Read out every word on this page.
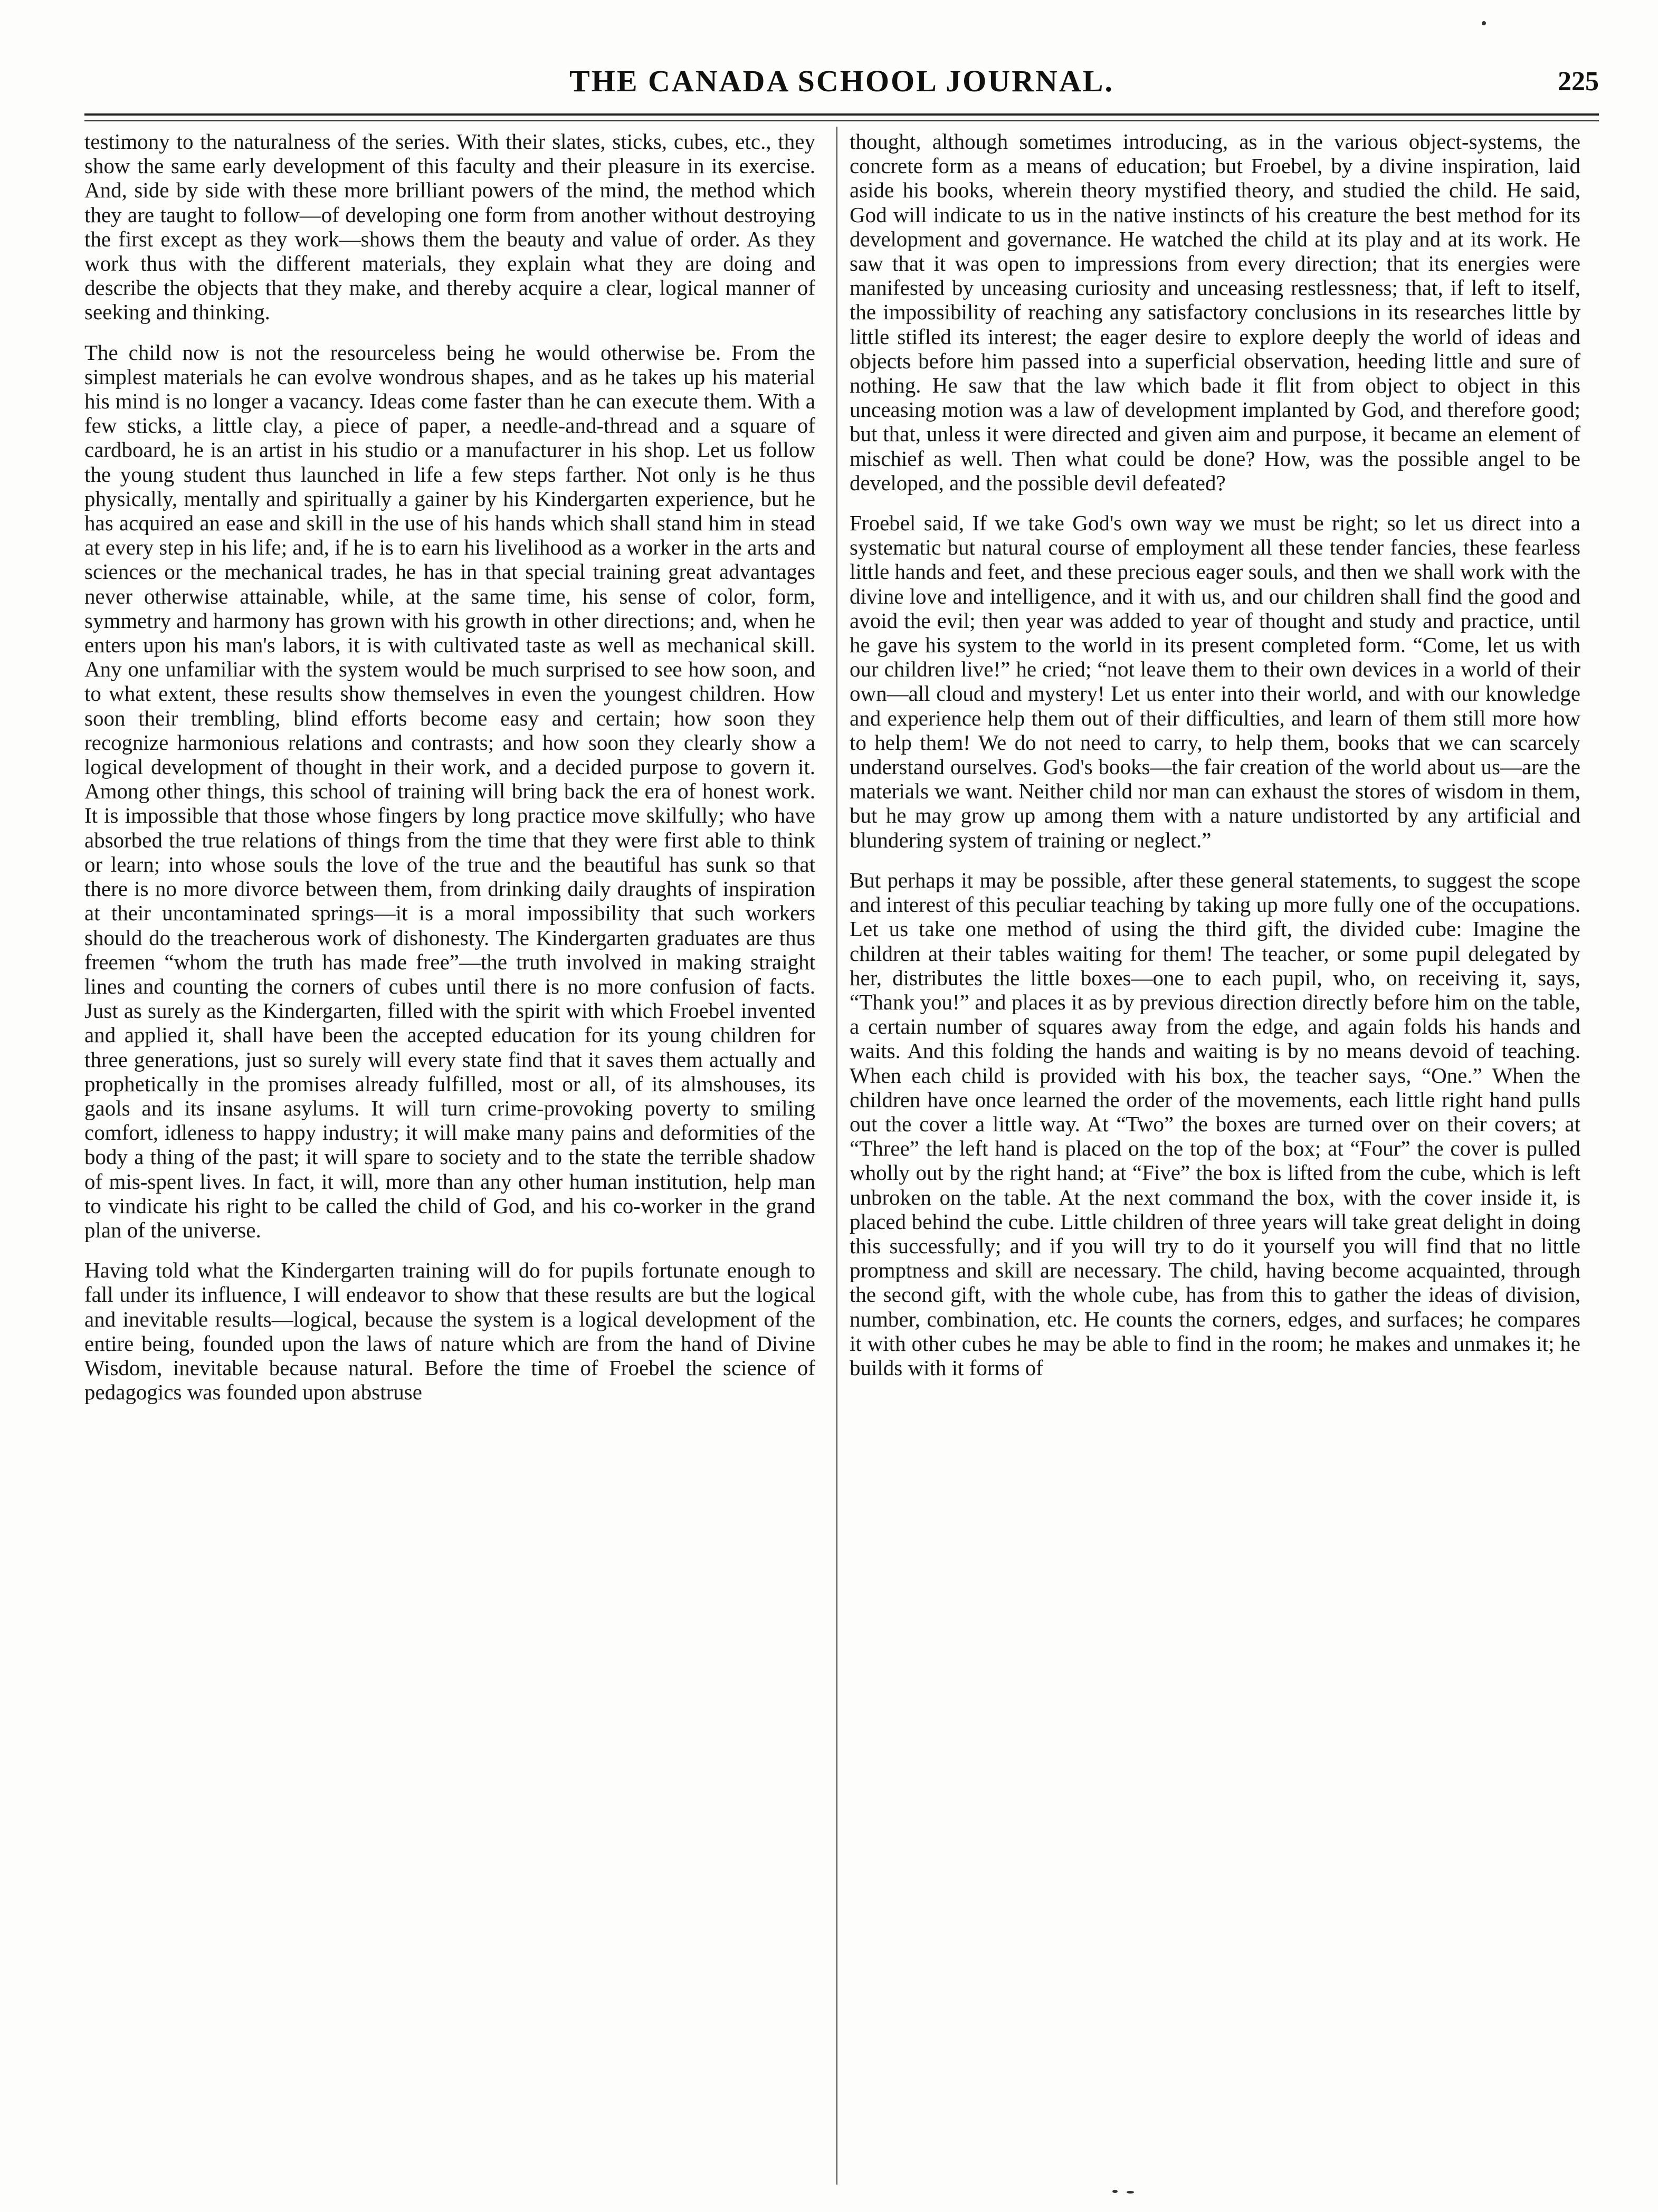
THE CANADA SCHOOL JOURNAL.	225

testimony to the naturalness of the series. With their slates, sticks, cubes, etc., they show the same early development of this faculty and their pleasure in its exercise. And, side by side with these more brilliant powers of the mind, the method which they are taught to follow—of developing one form from another without destroying the first except as they work—shows them the beauty and value of order. As they work thus with the different materials, they explain what they are doing and describe the objects that they make, and thereby acquire a clear, logical manner of seeking and thinking.

The child now is not the resourceless being he would otherwise be. From the simplest materials he can evolve wondrous shapes, and as he takes up his material his mind is no longer a vacancy. Ideas come faster than he can execute them. With a few sticks, a little clay, a piece of paper, a needle-and-thread and a square of cardboard, he is an artist in his studio or a manufacturer in his shop. Let us follow the young student thus launched in life a few steps farther. Not only is he thus physically, mentally and spiritually a gainer by his Kindergarten experience, but he has acquired an ease and skill in the use of his hands which shall stand him in stead at every step in his life; and, if he is to earn his livelihood as a worker in the arts and sciences or the mechanical trades, he has in that special training great advantages never otherwise attainable, while, at the same time, his sense of color, form, symmetry and harmony has grown with his growth in other directions; and, when he enters upon his man's labors, it is with cultivated taste as well as mechanical skill. Any one unfamiliar with the system would be much surprised to see how soon, and to what extent, these results show themselves in even the youngest children. How soon their trembling, blind efforts become easy and certain; how soon they recognize harmonious relations and contrasts; and how soon they clearly show a logical development of thought in their work, and a decided purpose to govern it. Among other things, this school of training will bring back the era of honest work. It is impossible that those whose fingers by long practice move skilfully; who have absorbed the true relations of things from the time that they were first able to think or learn; into whose souls the love of the true and the beautiful has sunk so that there is no more divorce between them, from drinking daily draughts of inspiration at their uncontaminated springs—it is a moral impossibility that such workers should do the treacherous work of dishonesty. The Kindergarten graduates are thus freemen “whom the truth has made free”—the truth involved in making straight lines and counting the corners of cubes until there is no more confusion of facts. Just as surely as the Kindergarten, filled with the spirit with which Froebel invented and applied it, shall have been the accepted education for its young children for three generations, just so surely will every state find that it saves them actually and prophetically in the promises already fulfilled, most or all, of its almshouses, its gaols and its insane asylums. It will turn crime-provoking poverty to smiling comfort, idleness to happy industry; it will make many pains and deformities of the body a thing of the past; it will spare to society and to the state the terrible shadow of mis-spent lives. In fact, it will, more than any other human institution, help man to vindicate his right to be called the child of God, and his co-worker in the grand plan of the universe.

Having told what the Kindergarten training will do for pupils fortunate enough to fall under its influence, I will endeavor to show that these results are but the logical and inevitable results—logical, because the system is a logical development of the entire being, founded upon the laws of nature which are from the hand of Divine Wisdom, inevitable because natural. Before the time of Froebel the science of pedagogics was founded upon abstruse

thought, although sometimes introducing, as in the various object-systems, the concrete form as a means of education; but Froebel, by a divine inspiration, laid aside his books, wherein theory mystified theory, and studied the child. He said, God will indicate to us in the native instincts of his creature the best method for its development and governance. He watched the child at its play and at its work. He saw that it was open to impressions from every direction; that its energies were manifested by unceasing curiosity and unceasing restlessness; that, if left to itself, the impossibility of reaching any satisfactory conclusions in its researches little by little stifled its interest; the eager desire to explore deeply the world of ideas and objects before him passed into a superficial observation, heeding little and sure of nothing. He saw that the law which bade it flit from object to object in this unceasing motion was a law of development implanted by God, and therefore good; but that, unless it were directed and given aim and purpose, it became an element of mischief as well. Then what could be done? How, was the possible angel to be developed, and the possible devil defeated?

Froebel said, If we take God's own way we must be right; so let us direct into a systematic but natural course of employment all these tender fancies, these fearless little hands and feet, and these precious eager souls, and then we shall work with the divine love and intelligence, and it with us, and our children shall find the good and avoid the evil; then year was added to year of thought and study and practice, until he gave his system to the world in its present completed form. “Come, let us with our children live!” he cried; “not leave them to their own devices in a world of their own—all cloud and mystery! Let us enter into their world, and with our knowledge and experience help them out of their difficulties, and learn of them still more how to help them! We do not need to carry, to help them, books that we can scarcely understand ourselves. God's books—the fair creation of the world about us—are the materials we want. Neither child nor man can exhaust the stores of wisdom in them, but he may grow up among them with a nature undistorted by any artificial and blundering system of training or neglect.”

But perhaps it may be possible, after these general statements, to suggest the scope and interest of this peculiar teaching by taking up more fully one of the occupations. Let us take one method of using the third gift, the divided cube: Imagine the children at their tables waiting for them! The teacher, or some pupil delegated by her, distributes the little boxes—one to each pupil, who, on receiving it, says, “Thank you!” and places it as by previous direction directly before him on the table, a certain number of squares away from the edge, and again folds his hands and waits. And this folding the hands and waiting is by no means devoid of teaching. When each child is provided with his box, the teacher says, “One.” When the children have once learned the order of the movements, each little right hand pulls out the cover a little way. At “Two” the boxes are turned over on their covers; at “Three” the left hand is placed on the top of the box; at “Four” the cover is pulled wholly out by the right hand; at “Five” the box is lifted from the cube, which is left unbroken on the table. At the next command the box, with the cover inside it, is placed behind the cube. Little children of three years will take great delight in doing this successfully; and if you will try to do it yourself you will find that no little promptness and skill are necessary. The child, having become acquainted, through the second gift, with the whole cube, has from this to gather the ideas of division, number, combination, etc. He counts the corners, edges, and surfaces; he compares it with other cubes he may be able to find in the room; he makes and unmakes it; he builds with it forms of
